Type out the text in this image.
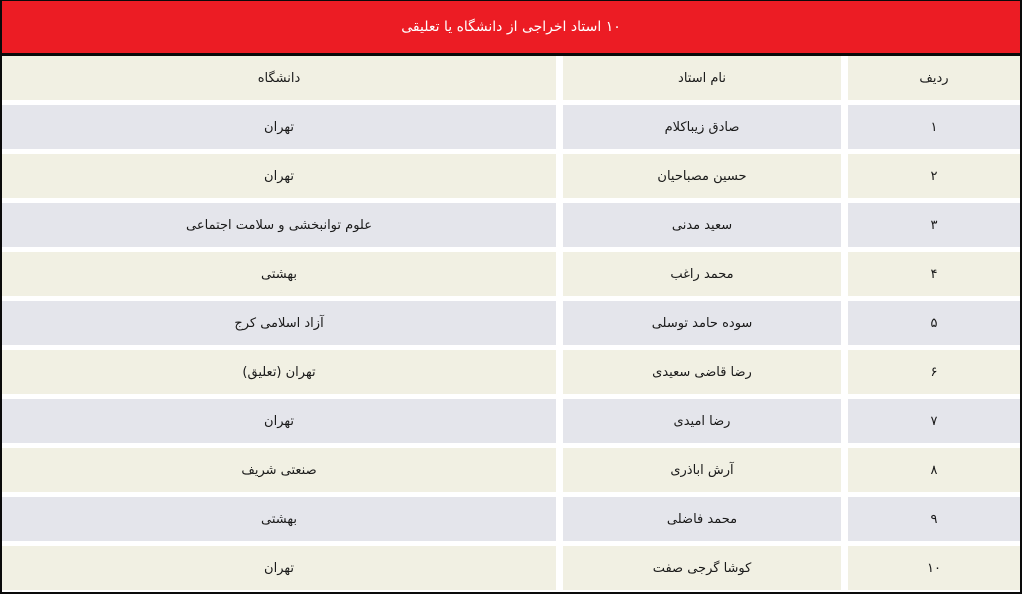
۱۰ استاد اخراجی از دانشگاه یا تعلیقی
دانشگاه	نام استاد	ردیف
تهران	صادق زیباکلام	۱
تهران	حسین مصباحیان	۲
علوم توانبخشی و سلامت اجتماعی	سعید مدنی	۳
بهشتی	محمد راغب	۴
آزاد اسلامی کرج	سوده حامد توسلی	۵
تهران (تعلیق)	رضا قاضی سعیدی	۶
تهران	رضا امیدی	۷
صنعتی شریف	آرش اباذری	۸
بهشتی	محمد فاضلی	۹
تهران	کوشا گرجی صفت	۱۰
